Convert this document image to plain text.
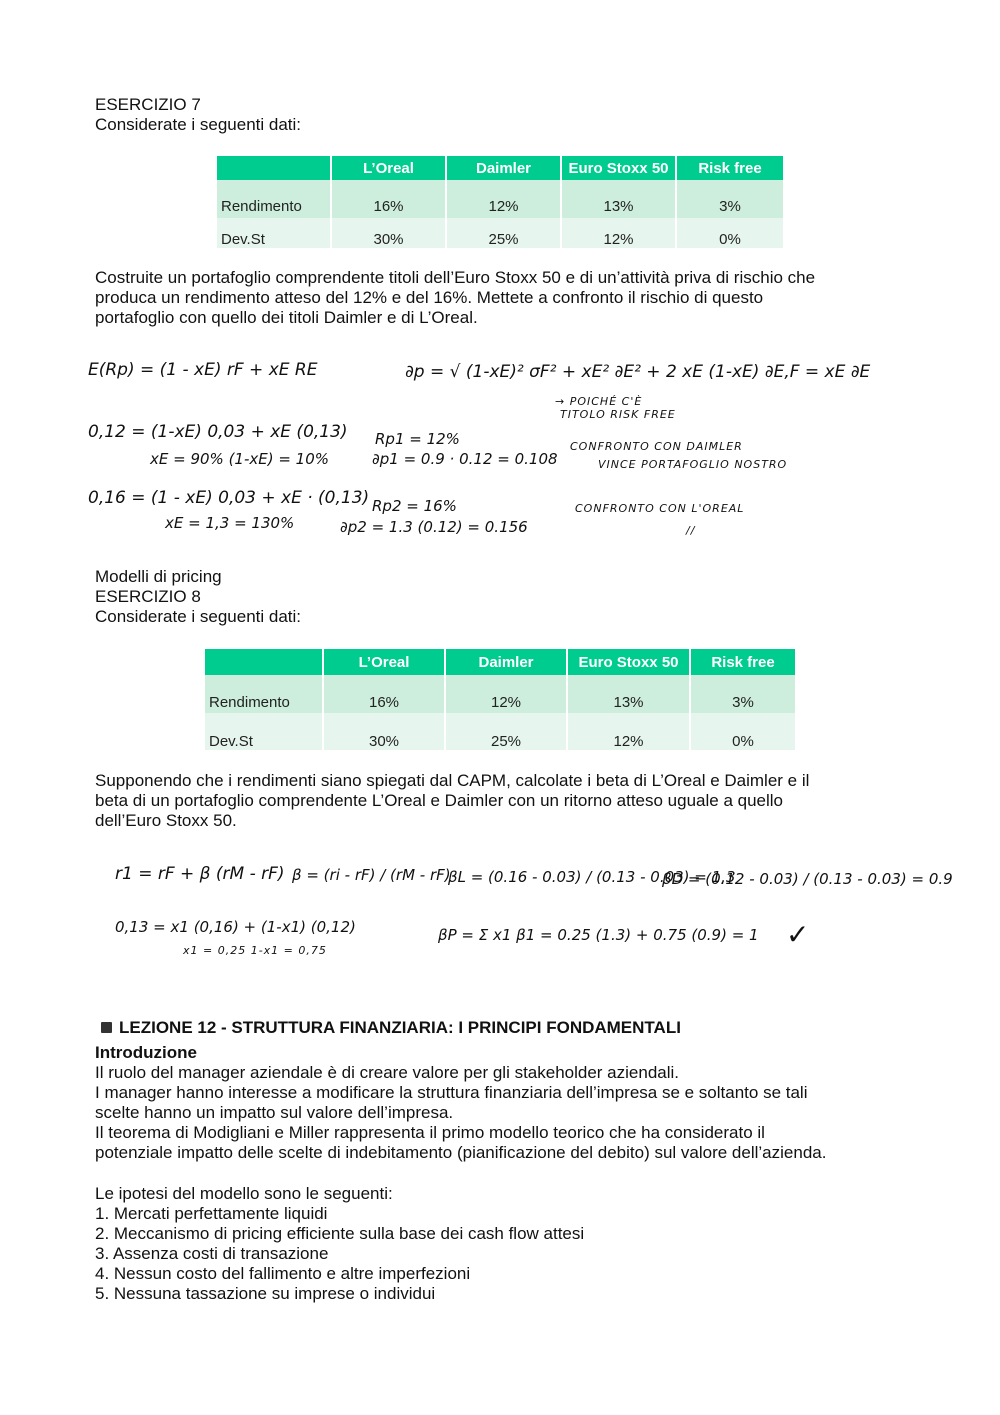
ESERCIZIO 7
Considerate i seguenti dati:
	L’Oreal	Daimler	Euro Stoxx 50	Risk free
Rendimento	16%	12%	13%	3%
Dev.St	30%	25%	12%	0%
Costruite un portafoglio comprendente titoli dell’Euro Stoxx 50 e di un’attività priva di rischio che
produca un rendimento atteso del 12% e del 16%. Mettete a confronto il rischio di questo
portafoglio con quello dei titoli Daimler e di L’Oreal.
E(Rp) = (1 - xE) rF + xE RE
0,12 = (1-xE) 0,03 + xE (0,13)
xE = 90% (1-xE) = 10%
0,16 = (1 - xE) 0,03 + xE · (0,13)
xE = 1,3 = 130%
∂p = √ (1-xE)² σF² + xE² ∂E² + 2 xE (1-xE) ∂E,F = xE ∂E
→ POICHÉ C'È
TITOLO RISK FREE
Rp1 = 12%
∂p1 = 0.9 · 0.12 = 0.108
Rp2 = 16%
∂p2 = 1.3 (0.12) = 0.156
CONFRONTO CON DAIMLER
VINCE PORTAFOGLIO NOSTRO
CONFRONTO CON L'OREAL
//
Modelli di pricing
ESERCIZIO 8
Considerate i seguenti dati:
	L’Oreal	Daimler	Euro Stoxx 50	Risk free
Rendimento	16%	12%	13%	3%
Dev.St	30%	25%	12%	0%
Supponendo che i rendimenti siano spiegati dal CAPM, calcolate i beta di L’Oreal e Daimler e il
beta di un portafoglio comprendente L’Oreal e Daimler con un ritorno atteso uguale a quello
dell’Euro Stoxx 50.
r1 = rF + β (rM - rF) β = (ri - rF) / (rM - rF)
βL = (0.16 - 0.03) / (0.13 - 0.03) = 1,3
βD = (0.12 - 0.03) / (0.13 - 0.03) = 0.9
0,13 = x1 (0,16) + (1-x1) (0,12)
x1 = 0,25 1-x1 = 0,75
βP = Σ x1 β1 = 0.25 (1.3) + 0.75 (0.9) = 1 ✓
LEZIONE 12 - STRUTTURA FINANZIARIA: I PRINCIPI FONDAMENTALI
Introduzione
Il ruolo del manager aziendale è di creare valore per gli stakeholder aziendali.
I manager hanno interesse a modificare la struttura finanziaria dell’impresa se e soltanto se tali
scelte hanno un impatto sul valore dell’impresa.
Il teorema di Modigliani e Miller rappresenta il primo modello teorico che ha considerato il
potenziale impatto delle scelte di indebitamento (pianificazione del debito) sul valore dell’azienda.
Le ipotesi del modello sono le seguenti:
1. Mercati perfettamente liquidi
2. Meccanismo di pricing efficiente sulla base dei cash flow attesi
3. Assenza costi di transazione
4. Nessun costo del fallimento e altre imperfezioni
5. Nessuna tassazione su imprese o individui
